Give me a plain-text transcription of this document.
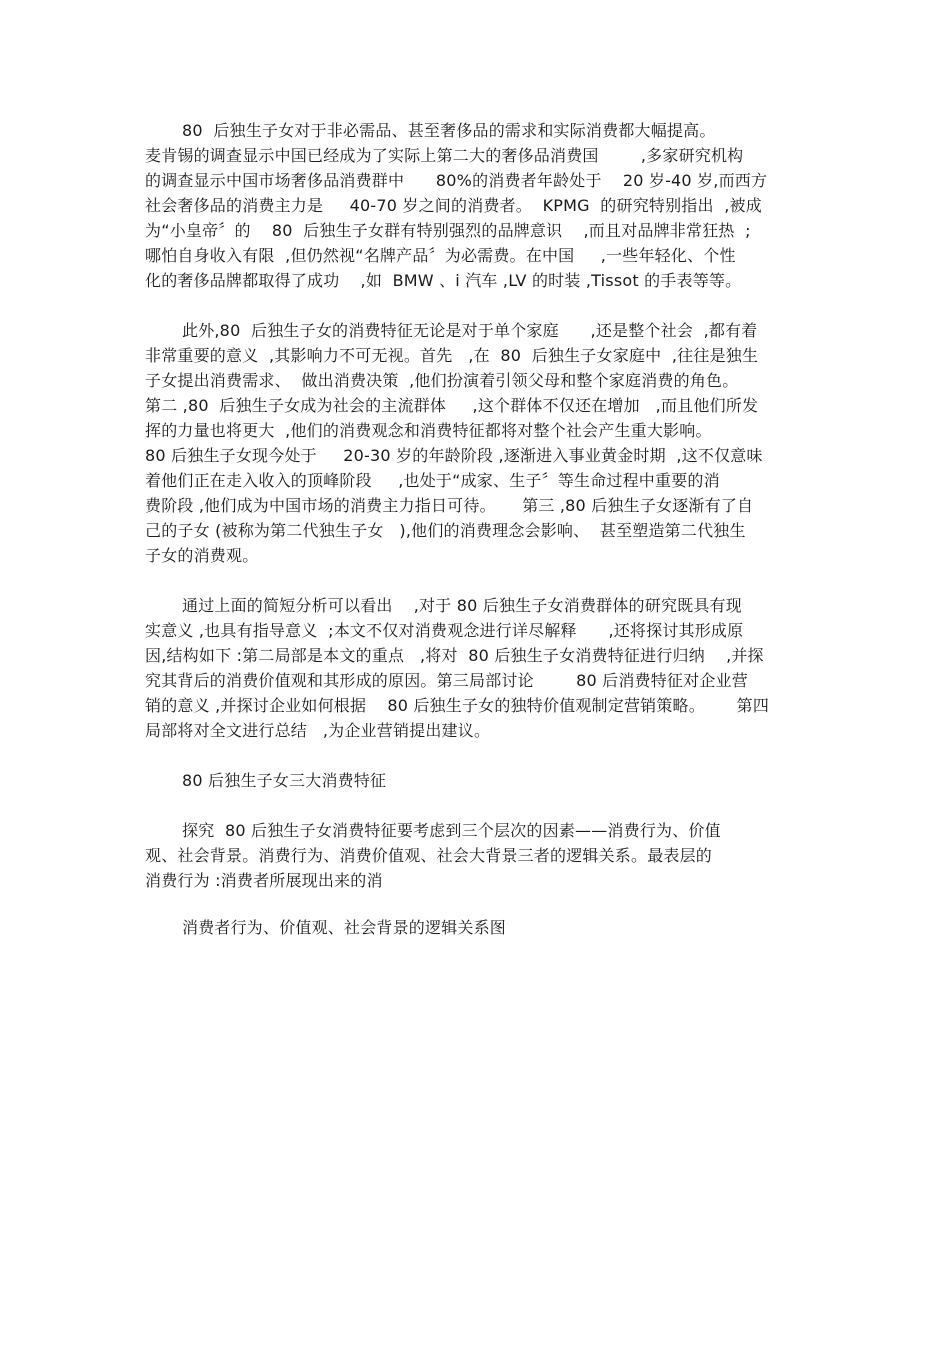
80  后独生子女对于非必需品、甚至奢侈品的需求和实际消费都大幅提高。
麦肯锡的调查显示中国已经成为了实际上第二大的奢侈品消费国        ,多家研究机构
的调查显示中国市场奢侈品消费群中      80%的消费者年龄处于    20 岁-40 岁,而西方
社会奢侈品的消费主力是     40-70 岁之间的消费者。  KPMG  的研究特别指出  ,被成
为“小皇帝〞的    80  后独生子女群有特别强烈的品牌意识    ,而且对品牌非常狂热  ;
哪怕自身收入有限  ,但仍然视“名牌产品〞为必需费。在中国     ,一些年轻化、个性
化的奢侈品牌都取得了成功    ,如  BMW 、i 汽车 ,LV 的时装 ,Tissot 的手表等等。
此外,80  后独生子女的消费特征无论是对于单个家庭      ,还是整个社会  ,都有着
非常重要的意义  ,其影响力不可无视。首先   ,在  80  后独生子女家庭中  ,往往是独生
子女提出消费需求、  做出消费决策  ,他们扮演着引领父母和整个家庭消费的角色。
第二 ,80  后独生子女成为社会的主流群体     ,这个群体不仅还在增加   ,而且他们所发
挥的力量也将更大  ,他们的消费观念和消费特征都将对整个社会产生重大影响。
80 后独生子女现今处于     20-30 岁的年龄阶段 ,逐渐进入事业黄金时期  ,这不仅意味
着他们正在走入收入的顶峰阶段     ,也处于“成家、生子〞等生命过程中重要的消
费阶段 ,他们成为中国市场的消费主力指日可待。     第三 ,80 后独生子女逐渐有了自
己的子女 (被称为第二代独生子女   ),他们的消费理念会影响、  甚至塑造第二代独生
子女的消费观。
通过上面的简短分析可以看出    ,对于 80 后独生子女消费群体的研究既具有现
实意义 ,也具有指导意义  ;本文不仅对消费观念进行详尽解释      ,还将探讨其形成原
因,结构如下 :第二局部是本文的重点   ,将对  80 后独生子女消费特征进行归纳    ,并探
究其背后的消费价值观和其形成的原因。第三局部讨论        80 后消费特征对企业营
销的意义 ,并探讨企业如何根据    80 后独生子女的独特价值观制定营销策略。      第四
局部将对全文进行总结   ,为企业营销提出建议。
80 后独生子女三大消费特征
探究  80 后独生子女消费特征要考虑到三个层次的因素——消费行为、价值
观、社会背景。消费行为、消费价值观、社会大背景三者的逻辑关系。最表层的
消费行为 :消费者所展现出来的消
消费者行为、价值观、社会背景的逻辑关系图
